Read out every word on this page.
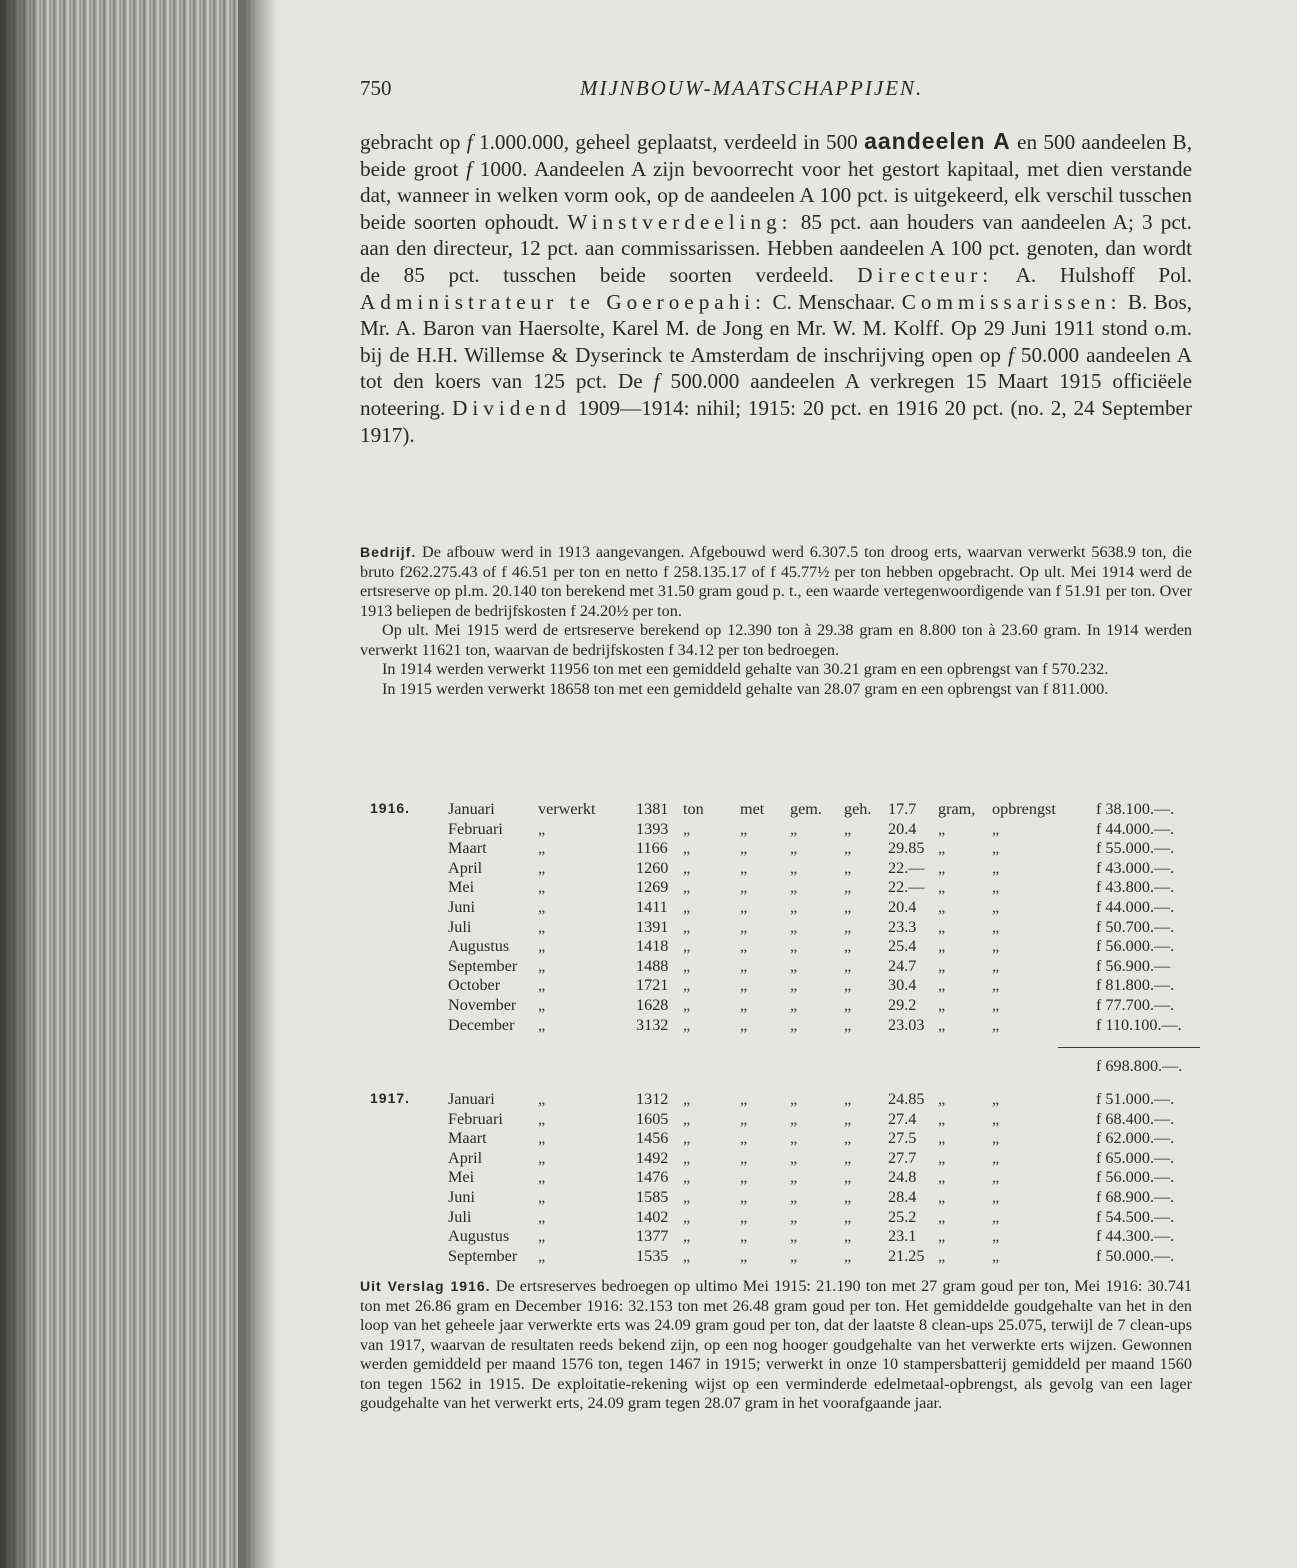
750	MIJNBOUW-MAATSCHAPPIJEN.

gebracht op f 1.000.000, geheel geplaatst, verdeeld in 500 aandeelen A en 500 aandeelen B, beide groot f 1000. Aandeelen A zijn bevoorrecht voor het gestort kapitaal, met dien verstande dat, wanneer in welken vorm ook, op de aandeelen A 100 pct. is uitgekeerd, elk verschil tusschen beide soorten ophoudt. Winstverdeeling: 85 pct. aan houders van aandeelen A; 3 pct. aan den directeur, 12 pct. aan commissarissen. Hebben aandeelen A 100 pct. genoten, dan wordt de 85 pct. tusschen beide soorten verdeeld. Directeur: A. Hulshoff Pol. Administrateur te Goeroepahi: C. Menschaar. Commissarissen: B. Bos, Mr. A. Baron van Haersolte, Karel M. de Jong en Mr. W. M. Kolff. Op 29 Juni 1911 stond o.m. bij de H.H. Willemse & Dyserinck te Amsterdam de inschrijving open op f 50.000 aandeelen A tot den koers van 125 pct. De f 500.000 aandeelen A verkregen 15 Maart 1915 officiëele noteering. Dividend 1909—1914: nihil; 1915: 20 pct. en 1916 20 pct. (no. 2, 24 September 1917).

Bedrijf. De afbouw werd in 1913 aangevangen. Afgebouwd werd 6.307.5 ton droog erts, waarvan verwerkt 5638.9 ton, die bruto f262.275.43 of f 46.51 per ton en netto f 258.135.17 of f 45.77½ per ton hebben opgebracht. Op ult. Mei 1914 werd de ertsreserve op pl.m. 20.140 ton berekend met 31.50 gram goud p. t., een waarde vertegenwoordigende van f 51.91 per ton. Over 1913 beliepen de bedrijfskosten f 24.20½ per ton.
Op ult. Mei 1915 werd de ertsreserve berekend op 12.390 ton à 29.38 gram en 8.800 ton à 23.60 gram. In 1914 werden verwerkt 11621 ton, waarvan de bedrijfskosten f 34.12 per ton bedroegen.
In 1914 werden verwerkt 11956 ton met een gemiddeld gehalte van 30.21 gram en een opbrengst van f 570.232.
In 1915 werden verwerkt 18658 ton met een gemiddeld gehalte van 28.07 gram en een opbrengst van f 811.000.
1916. Januari	verwerkt 1381 ton met gem. geh. 17.7 gram, opbrengst f 38.100.—.
Februari „	1393 „	„	„	„ 20.4 „	„	f 44.000.—.
Maart	„	1166 „	„	„	„ 29.85 „	„	f 55.000.—.
April	„	1260 „	„	„	„ 22.— „	„	f 43.000.—.
Mei	„	1269 „	„	„	„ 22.— „	„	f 43.800.—.
Juni	„	1411 „	„	„	„ 20.4 „	„	f 44.000.—.
Juli	„	1391 „	„	„	„ 23.3 „	„	f 50.700.—.
Augustus „	1418 „	„	„	„ 25.4 „	„	f 56.000.—.
September „	1488 „	„	„	„ 24.7 „	„	f 56.900.—
October „	1721 „	„	„	„ 30.4 „	„	f 81.800.—.
November „	1628 „	„	„	„ 29.2 „	„	f 77.700.—.
December „	3132 „	„	„	„ 23.03 „	„	f 110.100.—.
f 698.800.—.
1917. Januari	„	1312 „	„	„	„ 24.85 „	„	f 51.000.—.
Februari „	1605 „	„	„	„ 27.4 „	„	f 68.400.—.
Maart	„	1456 „	„	„	„ 27.5 „	„	f 62.000.—.
April	„	1492 „	„	„	„ 27.7 „	„	f 65.000.—.
Mei	„	1476 „	„	„	„ 24.8 „	„	f 56.000.—.
Juni	„	1585 „	„	„	„ 28.4 „	„	f 68.900.—.
Juli	„	1402 „	„	„	„ 25.2 „	„	f 54.500.—.
Augustus „	1377 „	„	„	„ 23.1 „	„	f 44.300.—.
September „	1535 „	„	„	„ 21.25 „	„	f 50.000.—.
Uit Verslag 1916. De ertsreserves bedroegen op ultimo Mei 1915: 21.190 ton met 27 gram goud per ton, Mei 1916: 30.741 ton met 26.86 gram en December 1916: 32.153 ton met 26.48 gram goud per ton. Het gemiddelde goudgehalte van het in den loop van het geheele jaar verwerkte erts was 24.09 gram goud per ton, dat der laatste 8 clean-ups 25.075, terwijl de 7 clean-ups van 1917, waarvan de resultaten reeds bekend zijn, op een nog hooger goudgehalte van het verwerkte erts wijzen. Gewonnen werden gemiddeld per maand 1576 ton, tegen 1467 in 1915; verwerkt in onze 10 stampersbatterij gemiddeld per maand 1560 ton tegen 1562 in 1915. De exploitatie-rekening wijst op een verminderde edelmetaal-opbrengst, als gevolg van een lager goudgehalte van het verwerkt erts, 24.09 gram tegen 28.07 gram in het voorafgaande jaar.
